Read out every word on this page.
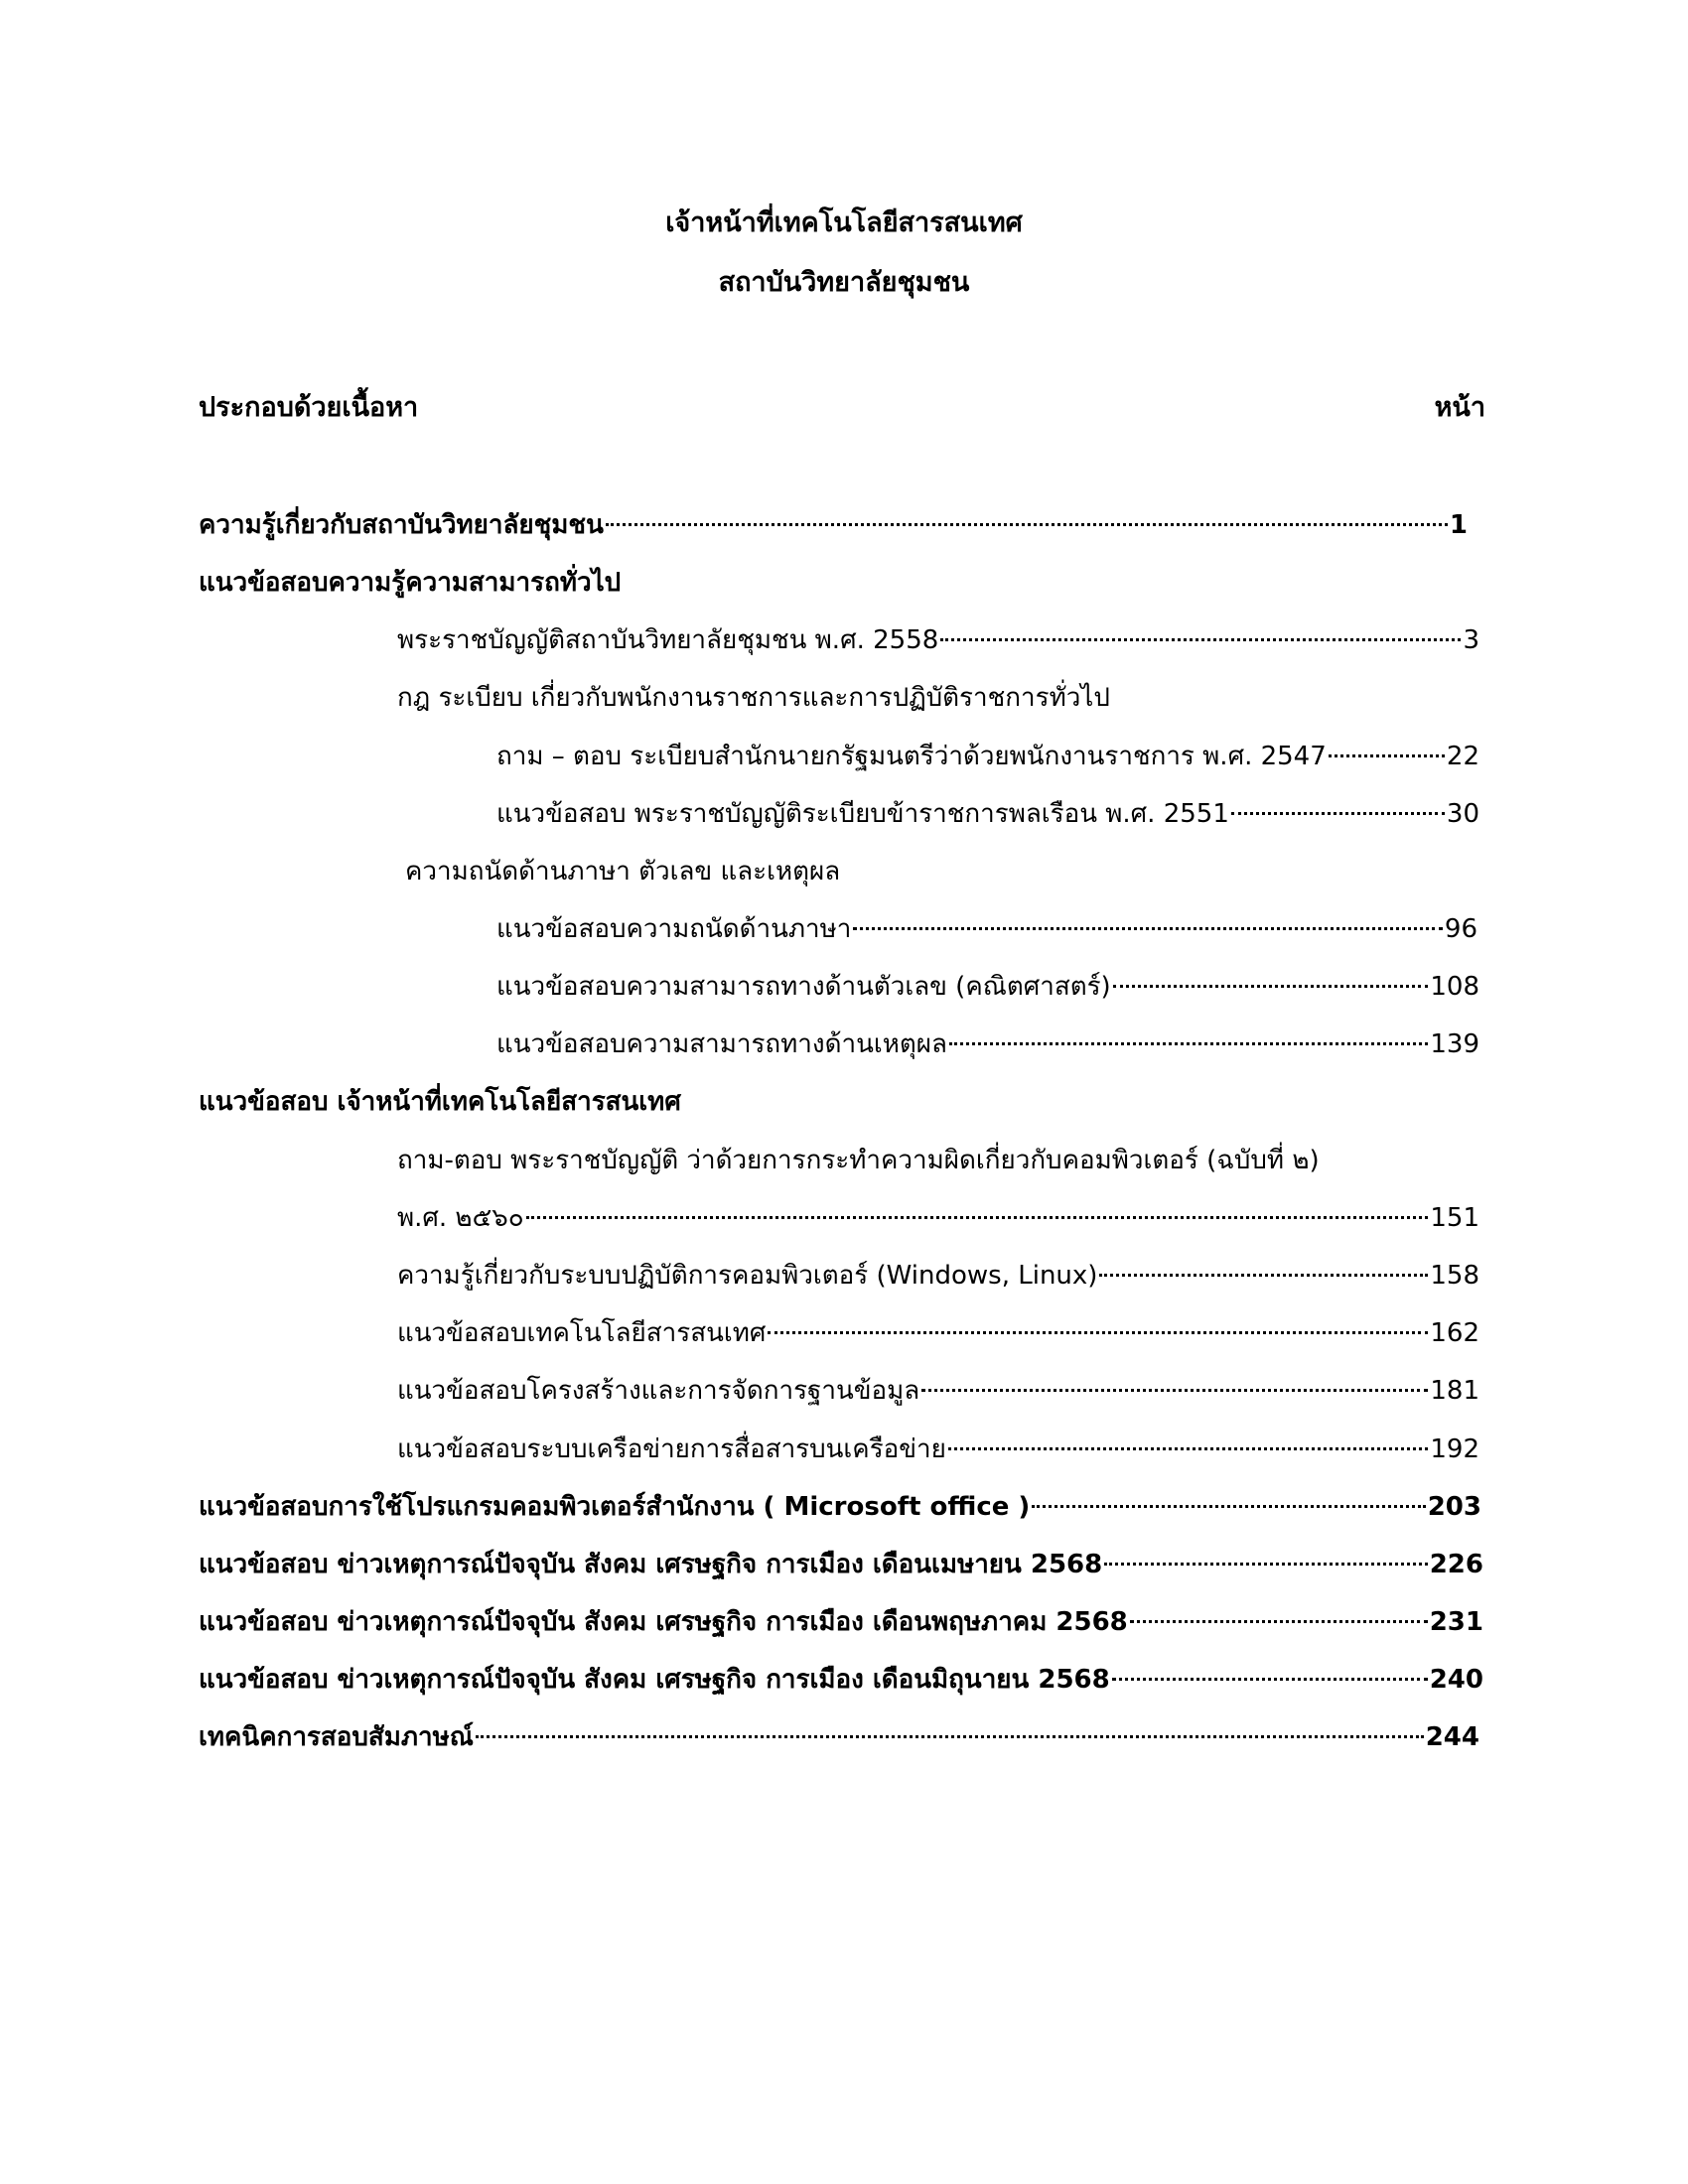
เจ้าหน้าที่เทคโนโลยีสารสนเทศ
สถาบันวิทยาลัยชุมชน
ประกอบด้วยเนื้อหา	หน้า
ความรู้เกี่ยวกับสถาบันวิทยาลัยชุมชน	1
แนวข้อสอบความรู้ความสามารถทั่วไป
พระราชบัญญัติสถาบันวิทยาลัยชุมชน พ.ศ. 2558	3
กฎ ระเบียบ เกี่ยวกับพนักงานราชการและการปฏิบัติราชการทั่วไป
ถาม – ตอบ ระเบียบสำนักนายกรัฐมนตรีว่าด้วยพนักงานราชการ พ.ศ. 2547	22
แนวข้อสอบ พระราชบัญญัติระเบียบข้าราชการพลเรือน พ.ศ. 2551	30
ความถนัดด้านภาษา ตัวเลข และเหตุผล
แนวข้อสอบความถนัดด้านภาษา	96
แนวข้อสอบความสามารถทางด้านตัวเลข (คณิตศาสตร์)	108
แนวข้อสอบความสามารถทางด้านเหตุผล	139
แนวข้อสอบ เจ้าหน้าที่เทคโนโลยีสารสนเทศ
ถาม-ตอบ พระราชบัญญัติ ว่าด้วยการกระทำความผิดเกี่ยวกับคอมพิวเตอร์ (ฉบับที่ ๒)
พ.ศ. ๒๕๖๐	151
ความรู้เกี่ยวกับระบบปฏิบัติการคอมพิวเตอร์ (Windows, Linux)	158
แนวข้อสอบเทคโนโลยีสารสนเทศ	162
แนวข้อสอบโครงสร้างและการจัดการฐานข้อมูล	181
แนวข้อสอบระบบเครือข่ายการสื่อสารบนเครือข่าย	192
แนวข้อสอบการใช้โปรแกรมคอมพิวเตอร์สำนักงาน ( Microsoft office )	203
แนวข้อสอบ ข่าวเหตุการณ์ปัจจุบัน สังคม เศรษฐกิจ การเมือง เดือนเมษายน 2568	226
แนวข้อสอบ ข่าวเหตุการณ์ปัจจุบัน สังคม เศรษฐกิจ การเมือง เดือนพฤษภาคม 2568	231
แนวข้อสอบ ข่าวเหตุการณ์ปัจจุบัน สังคม เศรษฐกิจ การเมือง เดือนมิถุนายน 2568	240
เทคนิคการสอบสัมภาษณ์	244
